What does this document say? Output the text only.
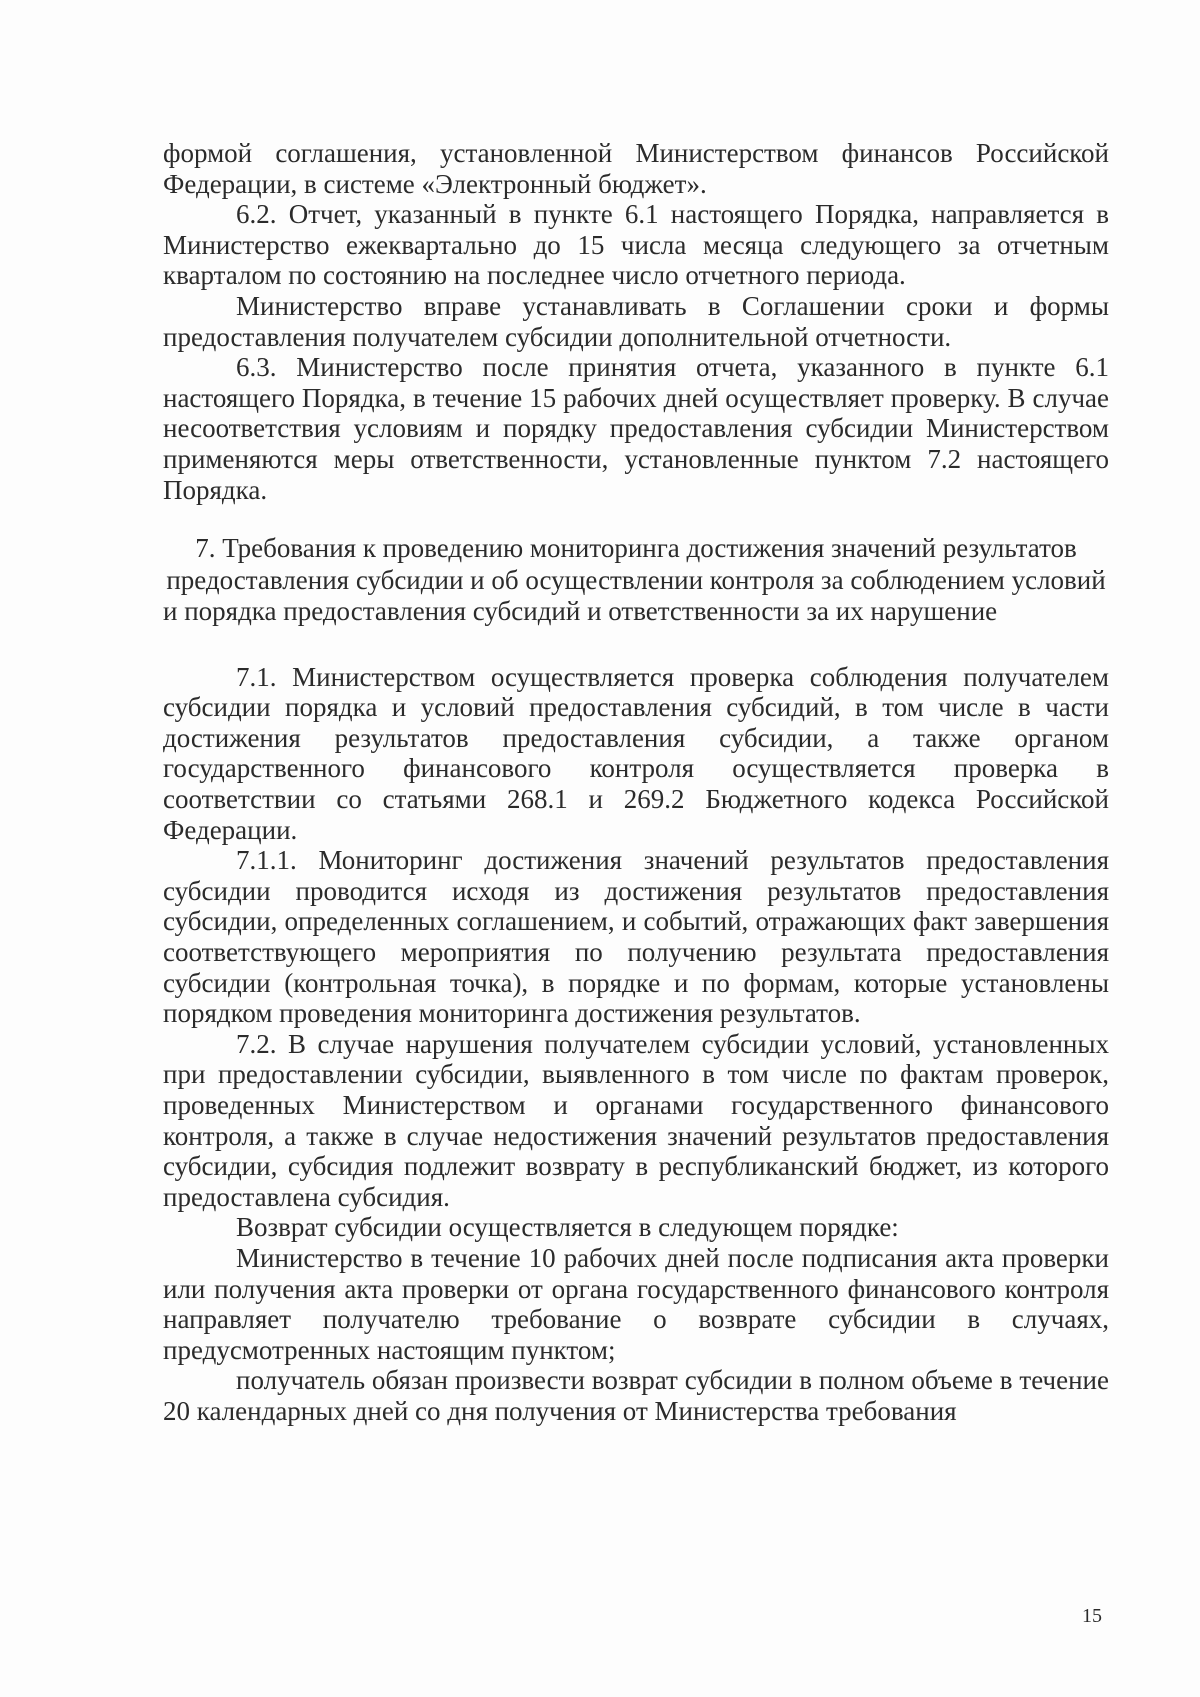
формой соглашения, установленной Министерством финансов Российской Федерации, в системе «Электронный бюджет».

6.2. Отчет, указанный в пункте 6.1 настоящего Порядка, направляется в Министерство ежеквартально до 15 числа месяца следующего за отчетным кварталом по состоянию на последнее число отчетного периода.

Министерство вправе устанавливать в Соглашении сроки и формы предоставления получателем субсидии дополнительной отчетности.

6.3. Министерство после принятия отчета, указанного в пункте 6.1 настоящего Порядка, в течение 15 рабочих дней осуществляет проверку. В случае несоответствия условиям и порядку предоставления субсидии Министерством применяются меры ответственности, установленные пунктом 7.2 настоящего Порядка.

7. Требования к проведению мониторинга достижения значений результатов предоставления субсидии и об осуществлении контроля за соблюдением условий и порядка предоставления субсидий и ответственности за их нарушение

7.1. Министерством осуществляется проверка соблюдения получателем субсидии порядка и условий предоставления субсидий, в том числе в части достижения результатов предоставления субсидии, а также органом государственного финансового контроля осуществляется проверка в соответствии со статьями 268.1 и 269.2 Бюджетного кодекса Российской Федерации.

7.1.1. Мониторинг достижения значений результатов предоставления субсидии проводится исходя из достижения результатов предоставления субсидии, определенных соглашением, и событий, отражающих факт завершения соответствующего мероприятия по получению результата предоставления субсидии (контрольная точка), в порядке и по формам, которые установлены порядком проведения мониторинга достижения результатов.

7.2. В случае нарушения получателем субсидии условий, установленных при предоставлении субсидии, выявленного в том числе по фактам проверок, проведенных Министерством и органами государственного финансового контроля, а также в случае недостижения значений результатов предоставления субсидии, субсидия подлежит возврату в республиканский бюджет, из которого предоставлена субсидия.

Возврат субсидии осуществляется в следующем порядке:

Министерство в течение 10 рабочих дней после подписания акта проверки или получения акта проверки от органа государственного финансового контроля направляет получателю требование о возврате субсидии в случаях, предусмотренных настоящим пунктом;

получатель обязан произвести возврат субсидии в полном объеме в течение 20 календарных дней со дня получения от Министерства требования

15
